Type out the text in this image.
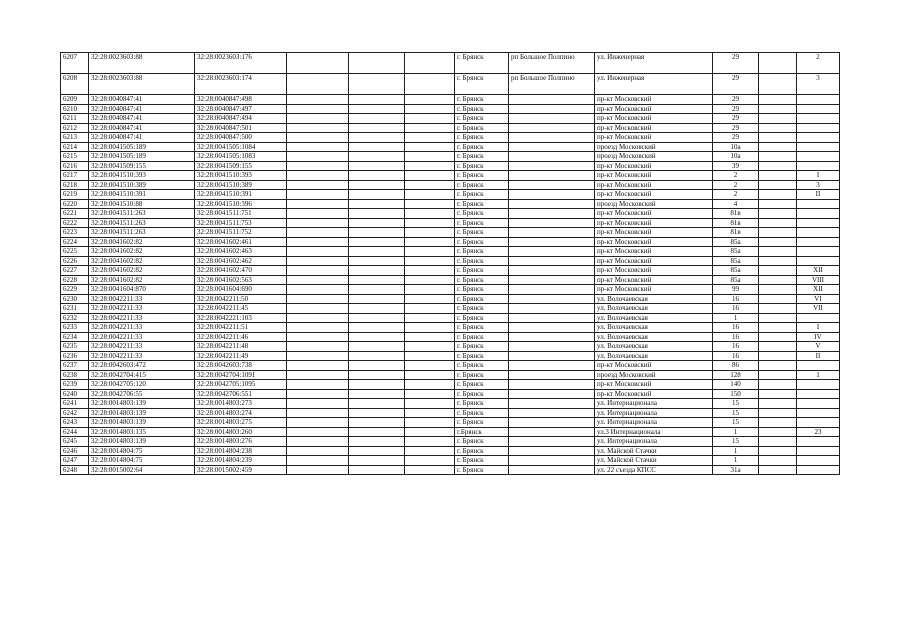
6207	32:28:0023603:88	32:28:0023603:176				г. Брянск	рп Большое Полпино	ул. Инженерная	29		2
6208	32:28:0023603:88	32:28:0023603:174				г. Брянск	рп Большое Полпино	ул. Инженерная	29		3
6209	32:28:0040847:41	32:28:0040847:498				г. Брянск		пр-кт Московский	29		
6210	32:28:0040847:41	32:28:0040847:497				г. Брянск		пр-кт Московский	29		
6211	32:28:0040847:41	32:28:0040847:494				г. Брянск		пр-кт Московский	29		
6212	32:28:0040847:41	32:28:0040847:501				г. Брянск		пр-кт Московский	29		
6213	32:28:0040847:41	32:28:0040847:500				г. Брянск		пр-кт Московский	29		
6214	32:28:0041505:189	32:28:0041505:1084				г. Брянск		проезд Московский	10а		
6215	32:28:0041505:189	32:28:0041505:1083				г. Брянск		проезд Московский	10а		
6216	32:28:0041509:155	32:28:0041509:155				г. Брянск		пр-кт Московский	39		
6217	32:28:0041510:393	32:28:0041510:393				г. Брянск		пр-кт Московский	2		I
6218	32:28:0041510:389	32:28:0041510:389				г. Брянск		пр-кт Московский	2		3
6219	32:28:0041510:391	32:28:0041510:391				г. Брянск		пр-кт Московский	2		II
6220	32:28:0041510:88	32:28:0041510:396				г. Брянск		проезд Московский	4		
6221	32:28:0041511:263	32:28:0041511:751				г. Брянск		пр-кт Московский	81в		
6222	32:28:0041511:263	32:28:0041511:753				г. Брянск		пр-кт Московский	81в		
6223	32:28:0041511:263	32:28:0041511:752				г. Брянск		пр-кт Московский	81в		
6224	32:28:0041602:82	32:28:0041602:461				г. Брянск		пр-кт Московский	85а		
6225	32:28:0041602:82	32:28:0041602:463				г. Брянск		пр-кт Московский	85а		
6226	32:28:0041602:82	32:28:0041602:462				г. Брянск		пр-кт Московский	85а		
6227	32:28:0041602:82	32:28:0041602:470				г. Брянск		пр-кт Московский	85а		XII
6228	32:28:0041602:82	32:28:0041602:563				г. Брянск		пр-кт Московский	85а		VIII
6229	32:28:0041604:870	32:28:0041604:690				г. Брянск		пр-кт Московский	99		XII
6230	32:28:0042211:33	32:28:0042211:50				г. Брянск		ул. Волочаевская	16		VI
6231	32:28:0042211:33	32:28:0042211:45				г. Брянск		ул. Волочаевская	16		VII
6232	32:28:0042211:33	32:28:0042221:103				г. Брянск		ул. Волочаевская	1		
6233	32:28:0042211:33	32:28:0042211:51				г. Брянск		ул. Волочаевская	16		I
6234	32:28:0042211:33	32:28:0042211:46				г. Брянск		ул. Волочаевская	16		IV
6235	32:28:0042211:33	32:28:0042211:48				г. Брянск		ул. Волочаевская	16		V
6236	32:28:0042211:33	32:28:0042211:49				г. Брянск		ул. Волочаевская	16		II
6237	32:28:0042603:472	32:28:0042603:738				г. Брянск		пр-кт Московский	86		
6238	32:28:0042704:415	32:28:0042704:1091				г. Брянск		проезд Московский	128		1
6239	32:28:0042705:120	32:28:0042705:1095				г. Брянск		пр-кт Московский	140		
6240	32:28:0042706:55	32:28:0042706:551				г. Брянск		пр-кт Московский	150		
6241	32:28:0014803:139	32:28:0014803:273				г. Брянск		ул. Интернационала	15		
6242	32:28:0014803:139	32:28:0014803:274				г. Брянск		ул. Интернационала	15		
6243	32:28:0014803:139	32:28:0014803:275				г. Брянск		ул. Интернационала	15		
6244	32:28:0014803:135	32:28:0014803:260				г.Брянск		ул.3 Интернационала	1		23
6245	32:28:0014803:139	32:28:0014803:276				г. Брянск		ул. Интернационала	15		
6246	32:28:0014804:75	32:28:0014804:238				г. Брянск		ул. Майской Стачки	1		
6247	32:28:0014804:75	32:28:0014804:239				г. Брянск		ул. Майской Стачки	1		
6248	32:28:0015002:64	32:28:0015002:459				г. Брянск		ул. 22 съезда КПСС	31а		
